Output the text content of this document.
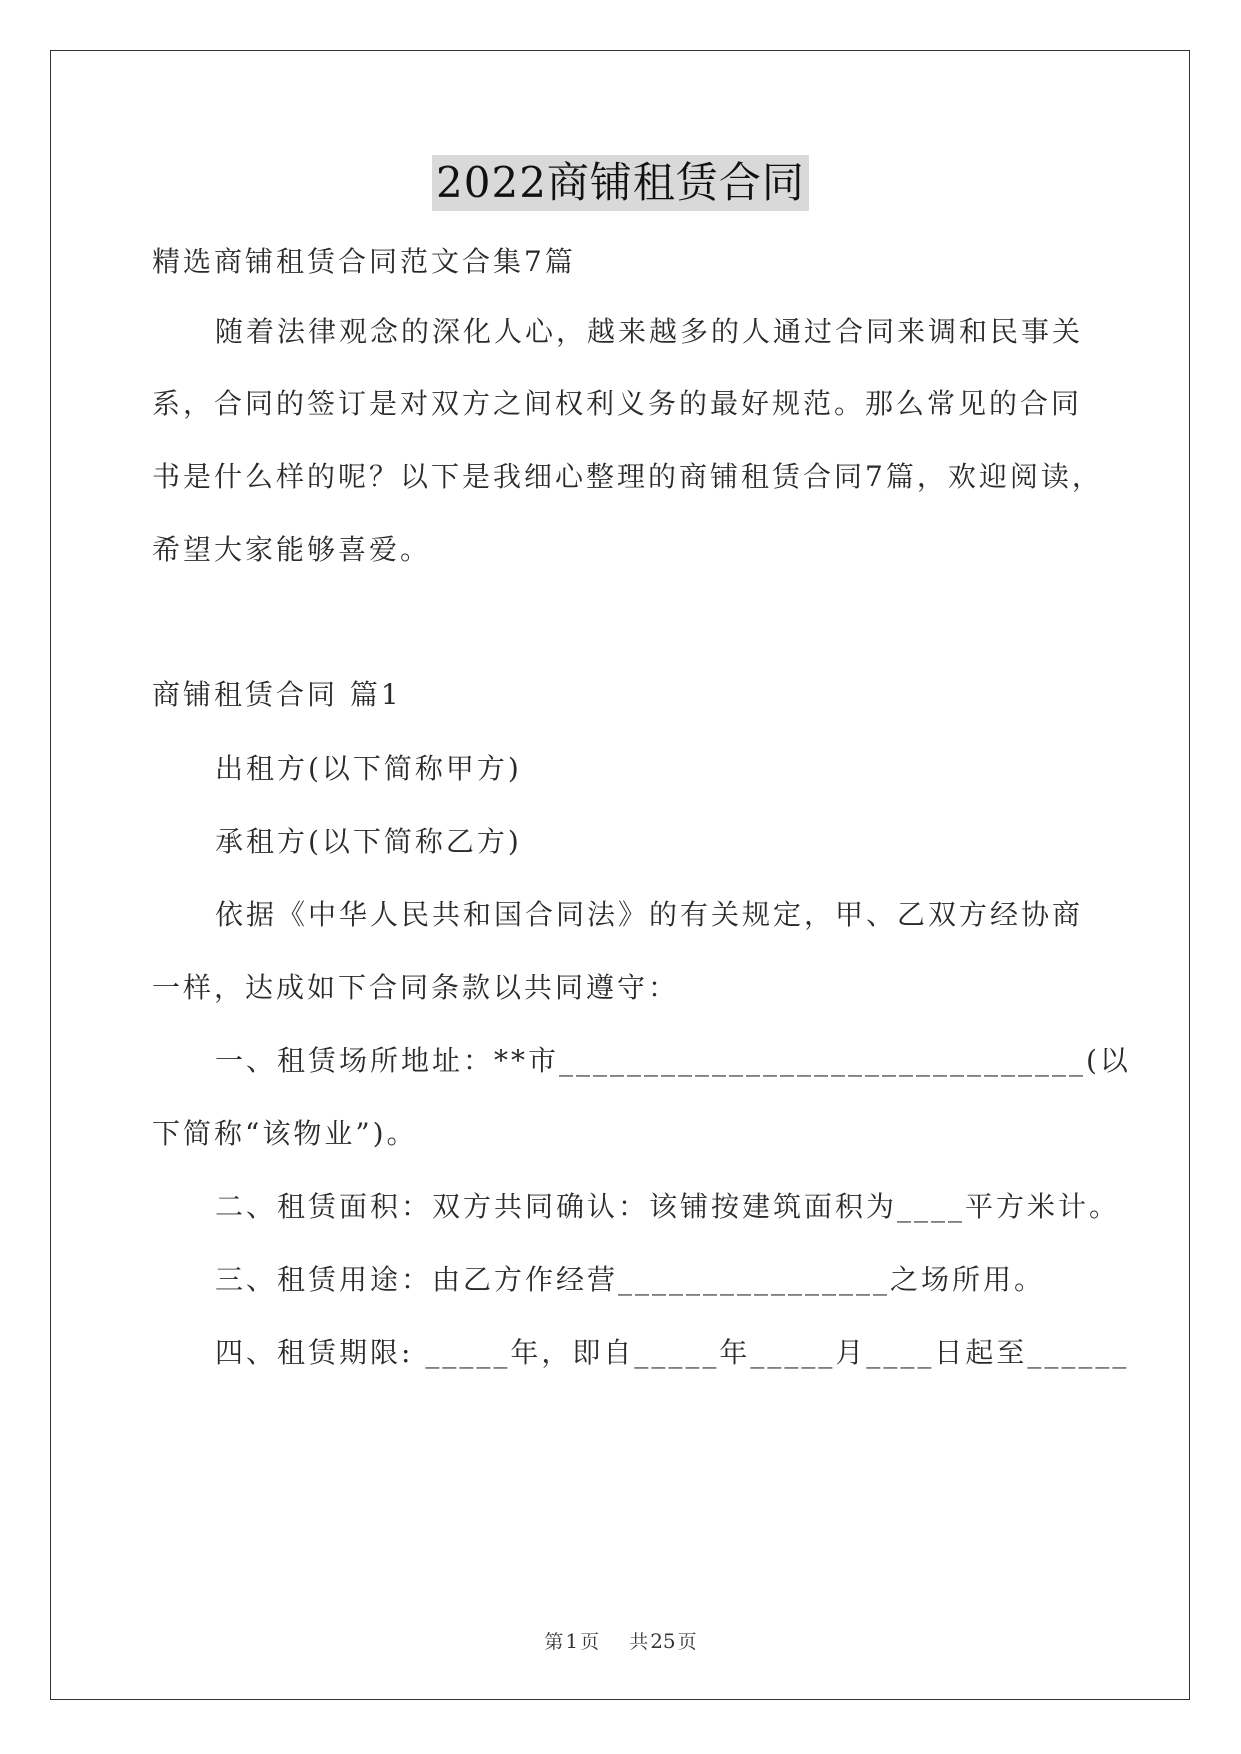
2022商铺租赁合同
精选商铺租赁合同范文合集7篇
随着法律观念的深化人心，越来越多的人通过合同来调和民事关
系，合同的签订是对双方之间权利义务的最好规范。那么常见的合同
书是什么样的呢？以下是我细心整理的商铺租赁合同7篇，欢迎阅读，
希望大家能够喜爱。
商铺租赁合同 篇1
出租方(以下简称甲方)
承租方(以下简称乙方)
依据《中华人民共和国合同法》的有关规定，甲、乙双方经协商
一样，达成如下合同条款以共同遵守：
一、租赁场所地址：**市_______________________________(以
下简称“该物业”)。
二、租赁面积：双方共同确认：该铺按建筑面积为____平方米计。
三、租赁用途：由乙方作经营________________之场所用。
四、租赁期限: _____年，即自_____年_____月____日起至______
第 1 页 共 25 页
